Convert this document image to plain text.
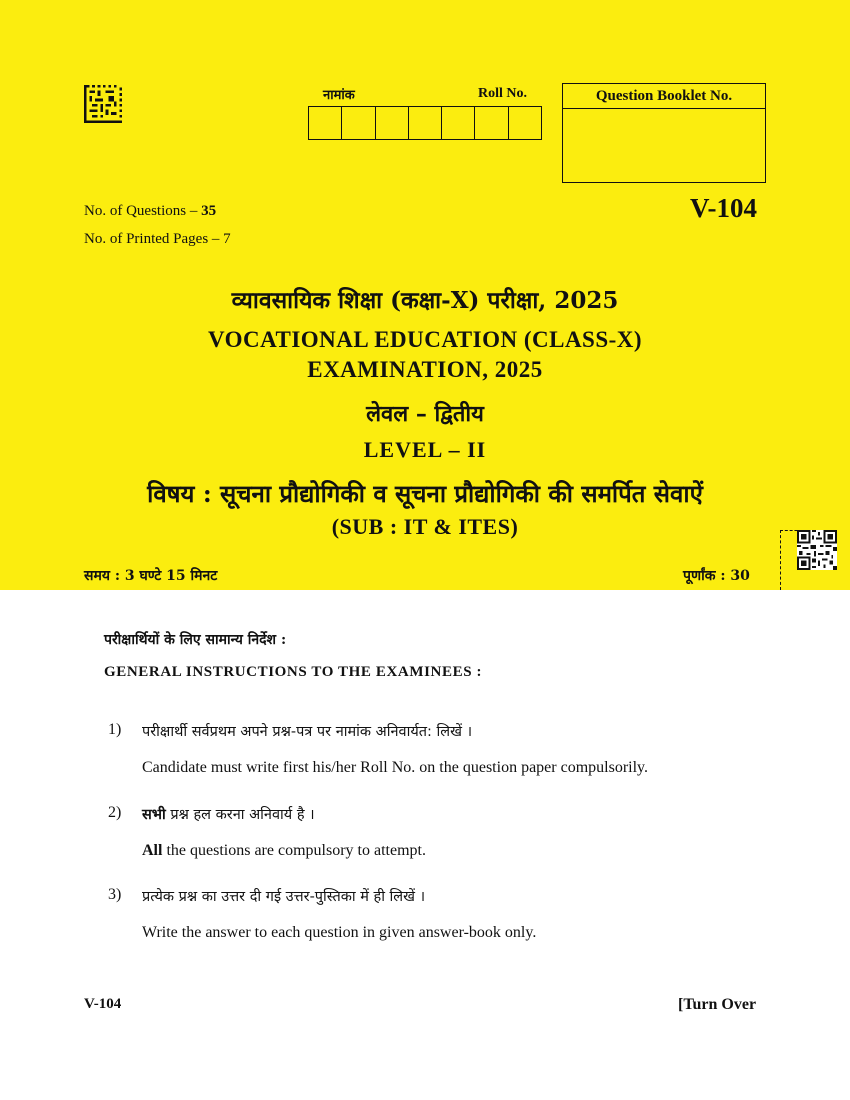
नामांक	Roll No.	Question Booklet No.
No. of Questions – 35
No. of Printed Pages – 7
V-104
व्यावसायिक शिक्षा (कक्षा-X) परीक्षा, 2025
VOCATIONAL EDUCATION (CLASS-X)
EXAMINATION, 2025
लेवल – द्वितीय
LEVEL – II
विषय : सूचना प्रौद्योगिकी व सूचना प्रौद्योगिकी की समर्पित सेवाऐं
(SUB : IT & ITES)
समय : 3 घण्टे 15 मिनट	पूर्णांक : 30
परीक्षार्थियों के लिए सामान्य निर्देश :
GENERAL INSTRUCTIONS TO THE EXAMINEES :
1) परीक्षार्थी सर्वप्रथम अपने प्रश्न-पत्र पर नामांक अनिवार्यत: लिखें ।
Candidate must write first his/her Roll No. on the question paper compulsorily.
2) सभी प्रश्न हल करना अनिवार्य है ।
All the questions are compulsory to attempt.
3) प्रत्येक प्रश्न का उत्तर दी गई उत्तर-पुस्तिका में ही लिखें ।
Write the answer to each question in given answer-book only.
V-104	[Turn Over
